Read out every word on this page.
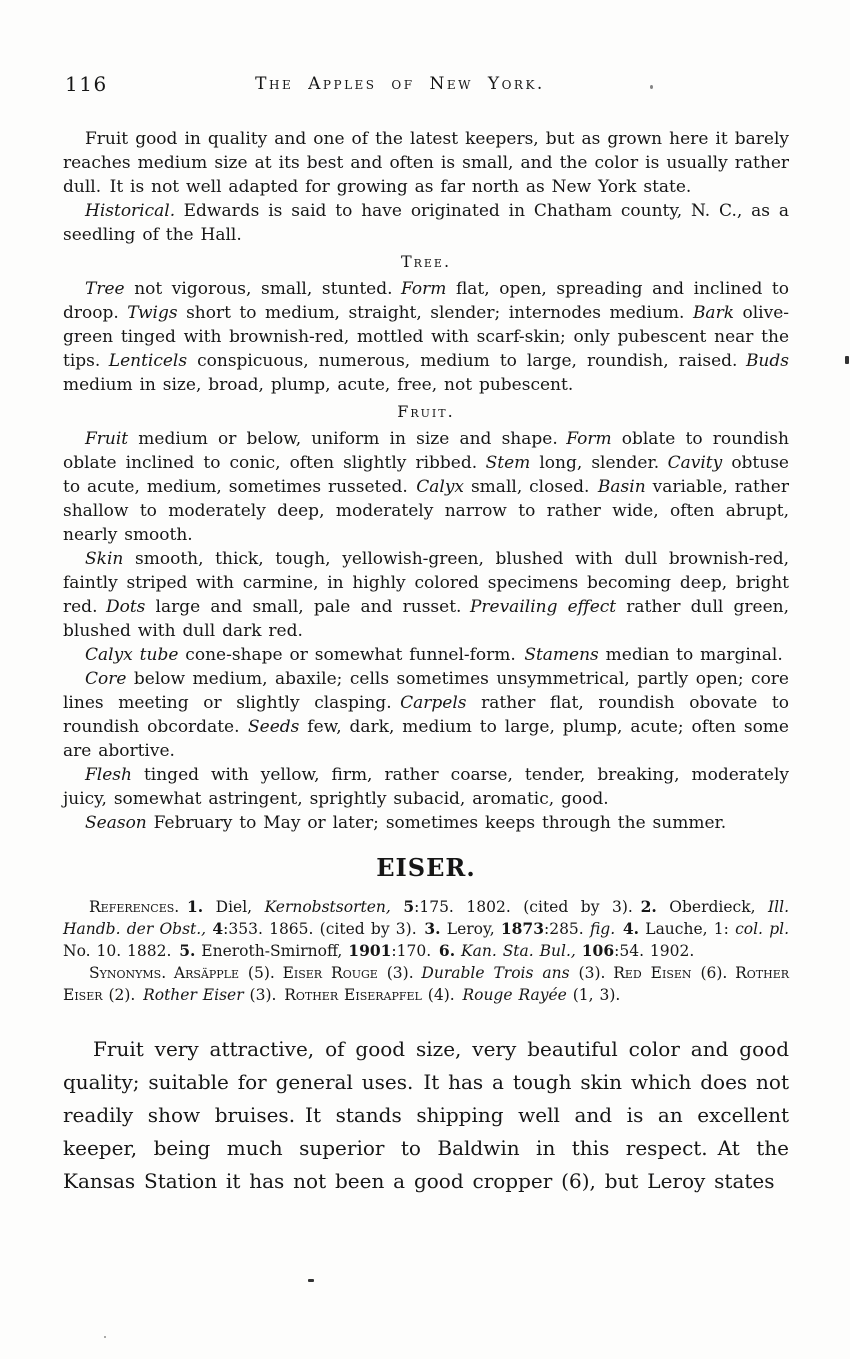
116	The Apples of New York.

Fruit good in quality and one of the latest keepers, but as grown here it barely reaches medium size at its best and often is small, and the color is usually rather dull. It is not well adapted for growing as far north as New York state.

Historical. Edwards is said to have originated in Chatham county, N. C., as a seedling of the Hall.

Tree.

Tree not vigorous, small, stunted. Form flat, open, spreading and inclined to droop. Twigs short to medium, straight, slender; internodes medium. Bark olive-green tinged with brownish-red, mottled with scarf-skin; only pubescent near the tips. Lenticels conspicuous, numerous, medium to large, roundish, raised. Buds medium in size, broad, plump, acute, free, not pubescent.

Fruit.

Fruit medium or below, uniform in size and shape. Form oblate to roundish oblate inclined to conic, often slightly ribbed. Stem long, slender. Cavity obtuse to acute, medium, sometimes russeted. Calyx small, closed. Basin variable, rather shallow to moderately deep, moderately narrow to rather wide, often abrupt, nearly smooth.

Skin smooth, thick, tough, yellowish-green, blushed with dull brownish-red, faintly striped with carmine, in highly colored specimens becoming deep, bright red. Dots large and small, pale and russet. Prevailing effect rather dull green, blushed with dull dark red.

Calyx tube cone-shape or somewhat funnel-form. Stamens median to marginal.

Core below medium, abaxile; cells sometimes unsymmetrical, partly open; core lines meeting or slightly clasping. Carpels rather flat, roundish obovate to roundish obcordate. Seeds few, dark, medium to large, plump, acute; often some are abortive.

Flesh tinged with yellow, firm, rather coarse, tender, breaking, moderately juicy, somewhat astringent, sprightly subacid, aromatic, good.

Season February to May or later; sometimes keeps through the summer.

EISER.

References.  1. Diel, Kernobstsorten, 5:175. 1802. (cited by 3). 2. Oberdieck, Ill. Handb. der Obst., 4:353. 1865. (cited by 3). 3. Leroy, 1873:285. fig.  4. Lauche, 1: col. pl. No. 10. 1882. 5. Eneroth-Smirnoff, 1901:170. 6. Kan. Sta. Bul., 106:54. 1902.

Synonyms.  Arsäpple (5). Eiser Rouge (3). Durable Trois ans (3). Red Eisen (6). Rother Eiser (2). Rother Eiser (3). Rother Eiserapfel (4). Rouge Rayée (1, 3).

Fruit very attractive, of good size, very beautiful color and good quality; suitable for general uses. It has a tough skin which does not readily show bruises. It stands shipping well and is an excellent keeper, being much superior to Baldwin in this respect. At the Kansas Station it has not been a good cropper (6), but Leroy states
